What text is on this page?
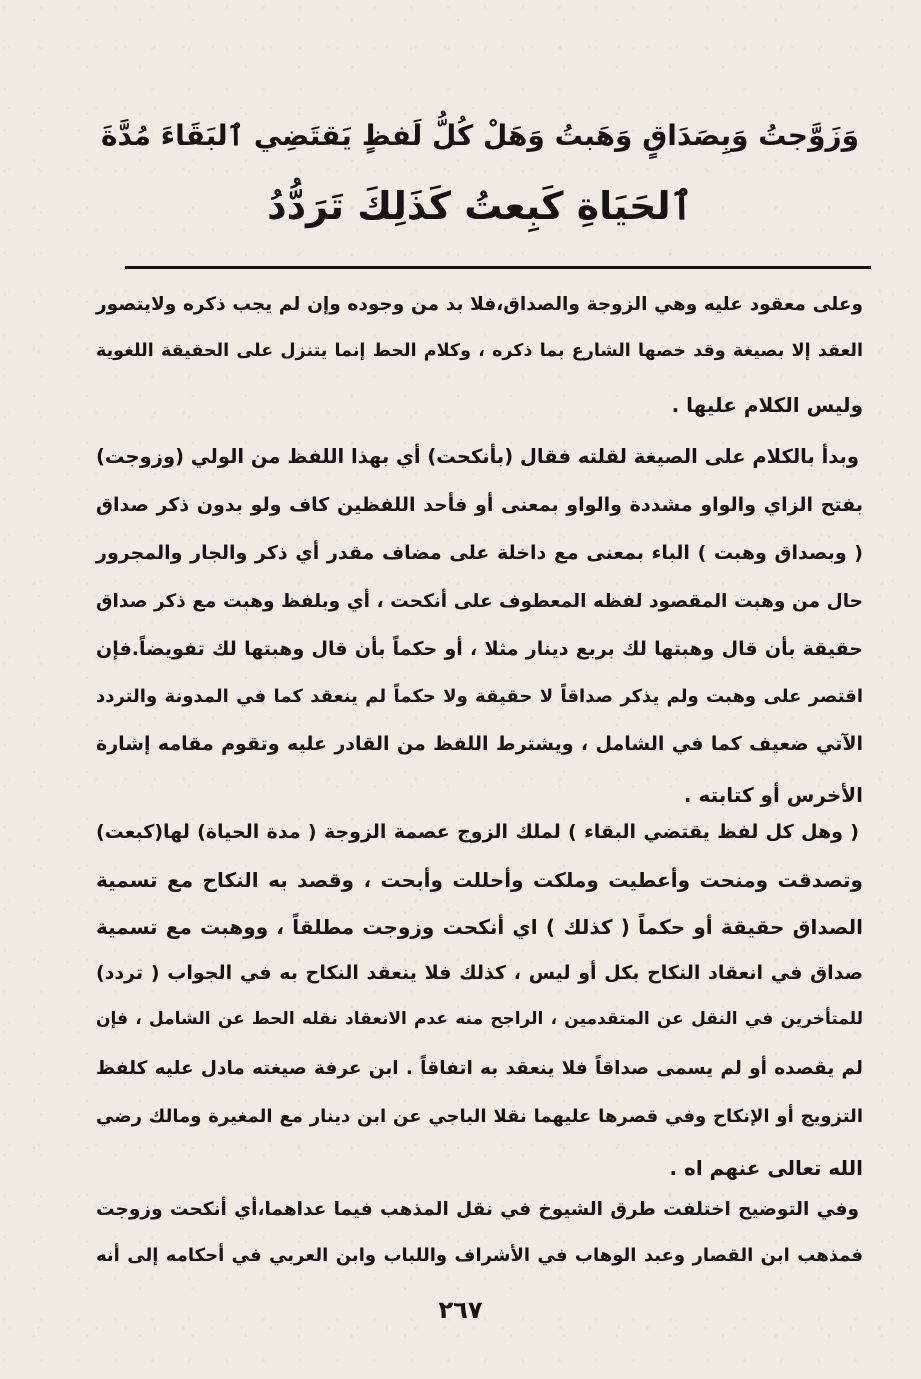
وَزَوَّجتُ وَبِصَدَاقٍ وَهَبتُ وَهَلْ كُلُّ لَفظٍ يَقتَضِي ٱلبَقَاءَ مُدَّةَ
ٱلحَيَاةِ كَبِعتُ كَذَلِكَ تَرَدُّدُ
وعلى معقود عليه وهي الزوجة والصداق،فلا بد من وجوده وإن لم يجب ذكره ولايتصور
العقد إلا بصيغة وقد خصها الشارع بما ذكره ، وكلام الحط إنما يتنزل على الحقيقة اللغوية
وليس الكلام عليها .
وبدأ بالكلام على الصيغة لقلته فقال (بأنكحت) أي بهذا اللفظ من الولي (وزوجت)
بفتح الزاي والواو مشددة والواو بمعنى أو فأحد اللفظين كاف ولو بدون ذكر صداق
( وبصداق وهبت ) الباء بمعنى مع داخلة على مضاف مقدر أي ذكر والجار والمجرور
حال من وهبت المقصود لفظه المعطوف على أنكحت ، أي وبلفظ وهبت مع ذكر صداق
حقيقة بأن قال وهبتها لك بربع دينار مثلا ، أو حكماً بأن قال وهبتها لك تفويضاً.فإن
اقتصر على وهبت ولم يذكر صداقاً لا حقيقة ولا حكماً لم ينعقد كما في المدونة والتردد
الآتي ضعيف كما في الشامل ، ويشترط اللفظ من القادر عليه وتقوم مقامه إشارة
الأخرس أو كتابته .
( وهل كل لفظ يقتضي البقاء ) لملك الزوج عصمة الزوجة ( مدة الحياة) لها(كبعت)
وتصدقت ومنحت وأعطيت وملكت وأحللت وأبحت ، وقصد به النكاح مع تسمية
الصداق حقيقة أو حكماً ( كذلك ) اي أنكحت وزوجت مطلقاً ، ووهبت مع تسمية
صداق في انعقاد النكاح بكل أو ليس ، كذلك فلا ينعقد النكاح به في الجواب ( تردد)
للمتأخرين في النقل عن المتقدمين ، الراجح منه عدم الانعقاد نقله الحط عن الشامل ، فإن
لم يقصده أو لم يسمى صداقاً فلا ينعقد به اتفاقاً . ابن عرفة صيغته مادل عليه كلفظ
التزويج أو الإنكاح وفي قصرها عليهما نقلا الباجي عن ابن دينار مع المغيرة ومالك رضي
الله تعالى عنهم اه .
وفي التوضيح اختلفت طرق الشيوخ في نقل المذهب فيما عداهما،أي أنكحت وزوجت
فمذهب ابن القصار وعبد الوهاب في الأشراف واللباب وابن العربي في أحكامه إلى أنه
٢٦٧
